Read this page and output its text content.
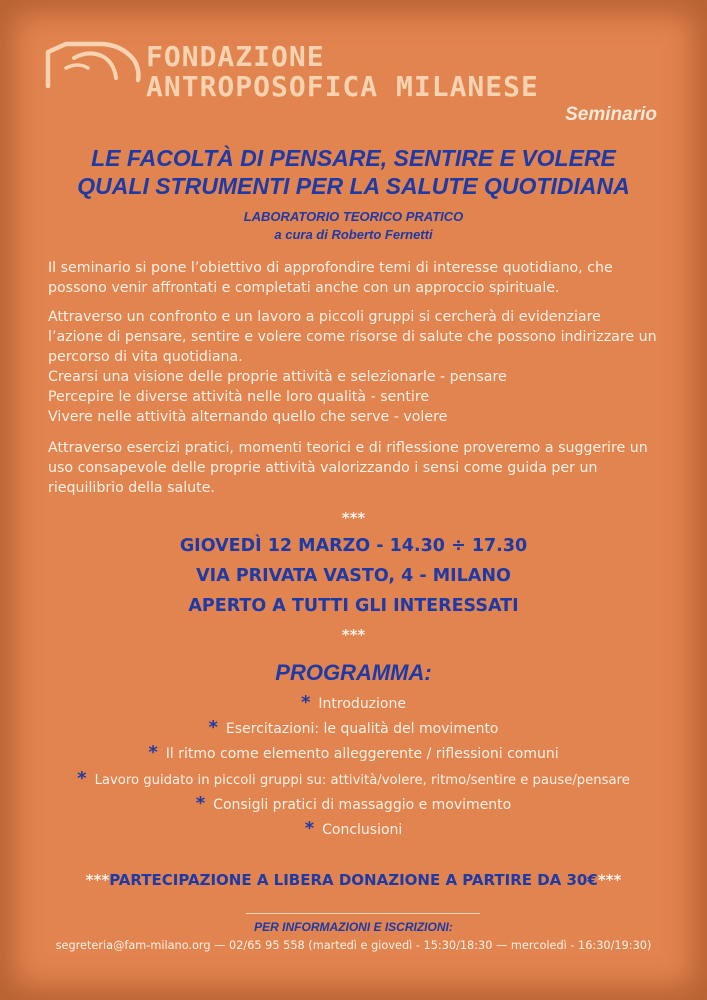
FONDAZIONE
ANTROPOSOFICA MILANESE
Seminario
LE FACOLTÀ DI PENSARE, SENTIRE E VOLERE
QUALI STRUMENTI PER LA SALUTE QUOTIDIANA
LABORATORIO TEORICO PRATICO
a cura di Roberto Fernetti
Il seminario si pone l’obiettivo di approfondire temi di interesse quotidiano, che possono venir affrontati e completati anche con un approccio spirituale.
Attraverso un confronto e un lavoro a piccoli gruppi si cercherà di evidenziare l’azione di pensare, sentire e volere come risorse di salute che possono indirizzare un percorso di vita quotidiana.
Crearsi una visione delle proprie attività e selezionarle - pensare
Percepire le diverse attività nelle loro qualità - sentire
Vivere nelle attività alternando quello che serve - volere
Attraverso esercizi pratici, momenti teorici e di riflessione proveremo a suggerire un uso consapevole delle proprie attività valorizzando i sensi come guida per un riequilibrio della salute.
***
GIOVEDÌ 12 MARZO - 14.30 ÷ 17.30
VIA PRIVATA VASTO, 4 - MILANO
APERTO A TUTTI GLI INTERESSATI
***
PROGRAMMA:
* Introduzione
* Esercitazioni: le qualità del movimento
* Il ritmo come elemento alleggerente / riflessioni comuni
* Lavoro guidato in piccoli gruppi su: attività/volere, ritmo/sentire e pause/pensare
* Consigli pratici di massaggio e movimento
* Conclusioni
***PARTECIPAZIONE A LIBERA DONAZIONE A PARTIRE DA 30€***
PER INFORMAZIONI E ISCRIZIONI:
segreteria@fam-milano.org — 02/65 95 558 (martedì e giovedì - 15:30/18:30 — mercoledì - 16:30/19:30)
